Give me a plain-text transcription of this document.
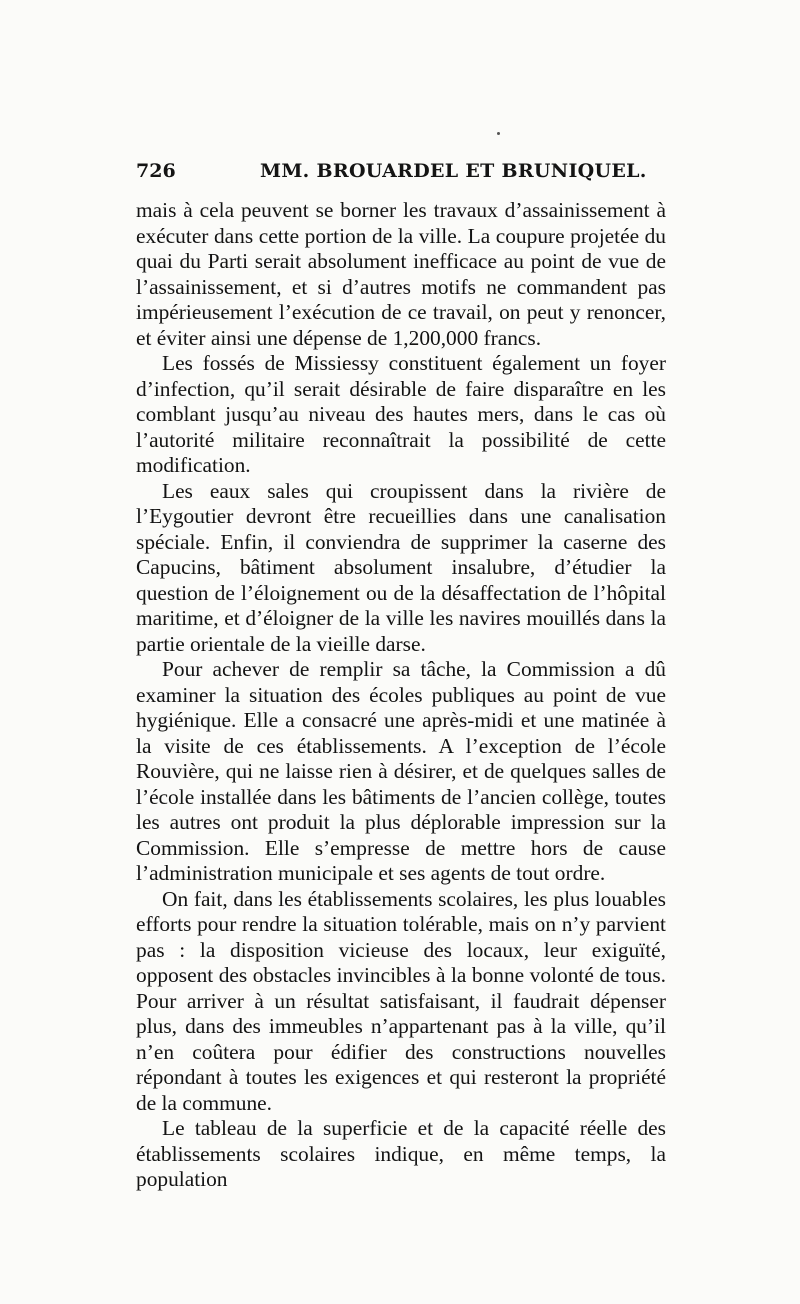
726	MM. BROUARDEL ET BRUNIQUEL.

mais à cela peuvent se borner les travaux d’assainissement à exécuter dans cette portion de la ville. La coupure projetée du quai du Parti serait absolument inefficace au point de vue de l’assainissement, et si d’autres motifs ne commandent pas impérieusement l’exécution de ce travail, on peut y renoncer, et éviter ainsi une dépense de 1,200,000 francs.

Les fossés de Missiessy constituent également un foyer d’infection, qu’il serait désirable de faire disparaître en les comblant jusqu’au niveau des hautes mers, dans le cas où l’autorité militaire reconnaîtrait la possibilité de cette modification.

Les eaux sales qui croupissent dans la rivière de l’Eygoutier devront être recueillies dans une canalisation spéciale. Enfin, il conviendra de supprimer la caserne des Capucins, bâtiment absolument insalubre, d’étudier la question de l’éloignement ou de la désaffectation de l’hôpital maritime, et d’éloigner de la ville les navires mouillés dans la partie orientale de la vieille darse.

Pour achever de remplir sa tâche, la Commission a dû examiner la situation des écoles publiques au point de vue hygiénique. Elle a consacré une après-midi et une matinée à la visite de ces établissements. A l’exception de l’école Rouvière, qui ne laisse rien à désirer, et de quelques salles de l’école installée dans les bâtiments de l’ancien collège, toutes les autres ont produit la plus déplorable impression sur la Commission. Elle s’empresse de mettre hors de cause l’administration municipale et ses agents de tout ordre.

On fait, dans les établissements scolaires, les plus louables efforts pour rendre la situation tolérable, mais on n’y parvient pas : la disposition vicieuse des locaux, leur exiguïté, opposent des obstacles invincibles à la bonne volonté de tous. Pour arriver à un résultat satisfaisant, il faudrait dépenser plus, dans des immeubles n’appartenant pas à la ville, qu’il n’en coûtera pour édifier des constructions nouvelles répondant à toutes les exigences et qui resteront la propriété de la commune.

Le tableau de la superficie et de la capacité réelle des établissements scolaires indique, en même temps, la population
